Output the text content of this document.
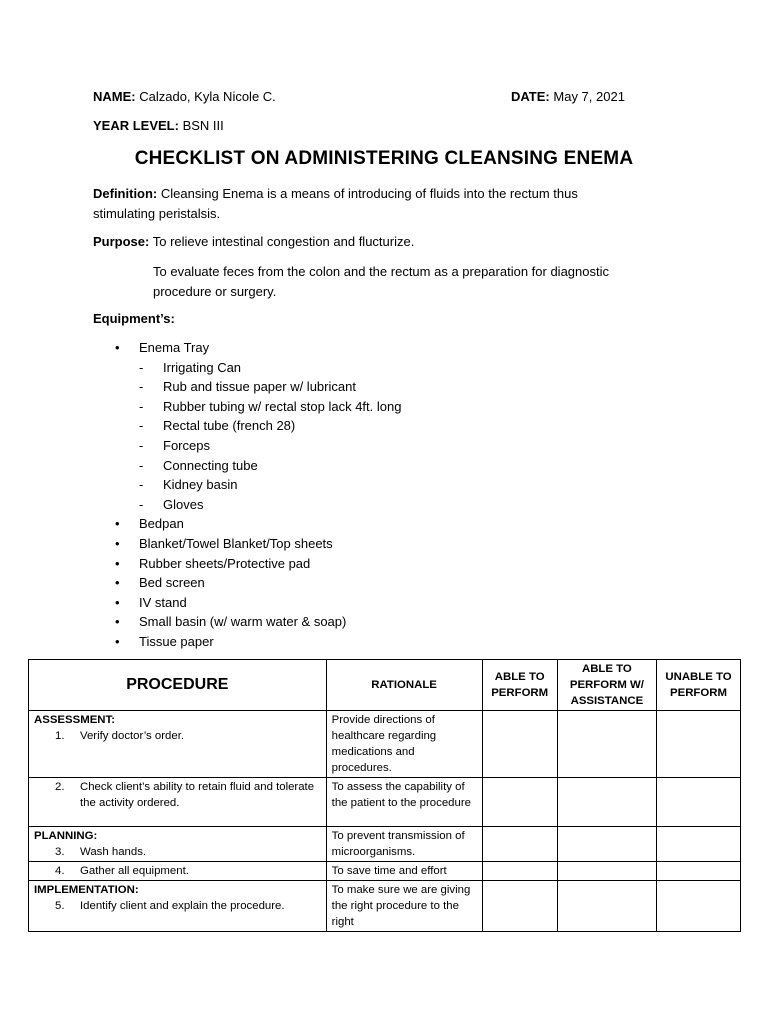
NAME: Calzado, Kyla Nicole C.	DATE: May 7, 2021
YEAR LEVEL: BSN III
CHECKLIST ON ADMINISTERING CLEANSING ENEMA
Definition: Cleansing Enema is a means of introducing of fluids into the rectum thus
stimulating peristalsis.
Purpose: To relieve intestinal congestion and flucturize.
To evaluate feces from the colon and the rectum as a preparation for diagnostic
procedure or surgery.
Equipment’s:
• Enema Tray
- Irrigating Can
- Rub and tissue paper w/ lubricant
- Rubber tubing w/ rectal stop lack 4ft. long
- Rectal tube (french 28)
- Forceps
- Connecting tube
- Kidney basin
- Gloves
• Bedpan
• Blanket/Towel Blanket/Top sheets
• Rubber sheets/Protective pad
• Bed screen
• IV stand
• Small basin (w/ warm water & soap)
• Tissue paper
PROCEDURE	RATIONALE	ABLE TO PERFORM	ABLE TO PERFORM W/ ASSISTANCE	UNABLE TO PERFORM

ASSESSMENT:
1. Verify doctor’s order.	Provide directions of healthcare regarding medications and procedures.			

2. Check client’s ability to retain fluid and tolerate the activity ordered.	To assess the capability of the patient to the procedure			

PLANNING:
3. Wash hands.	To prevent transmission of microorganisms.			

4. Gather all equipment.	To save time and effort			

IMPLEMENTATION:
5. Identify client and explain the procedure.	To make sure we are giving the right procedure to the right			
